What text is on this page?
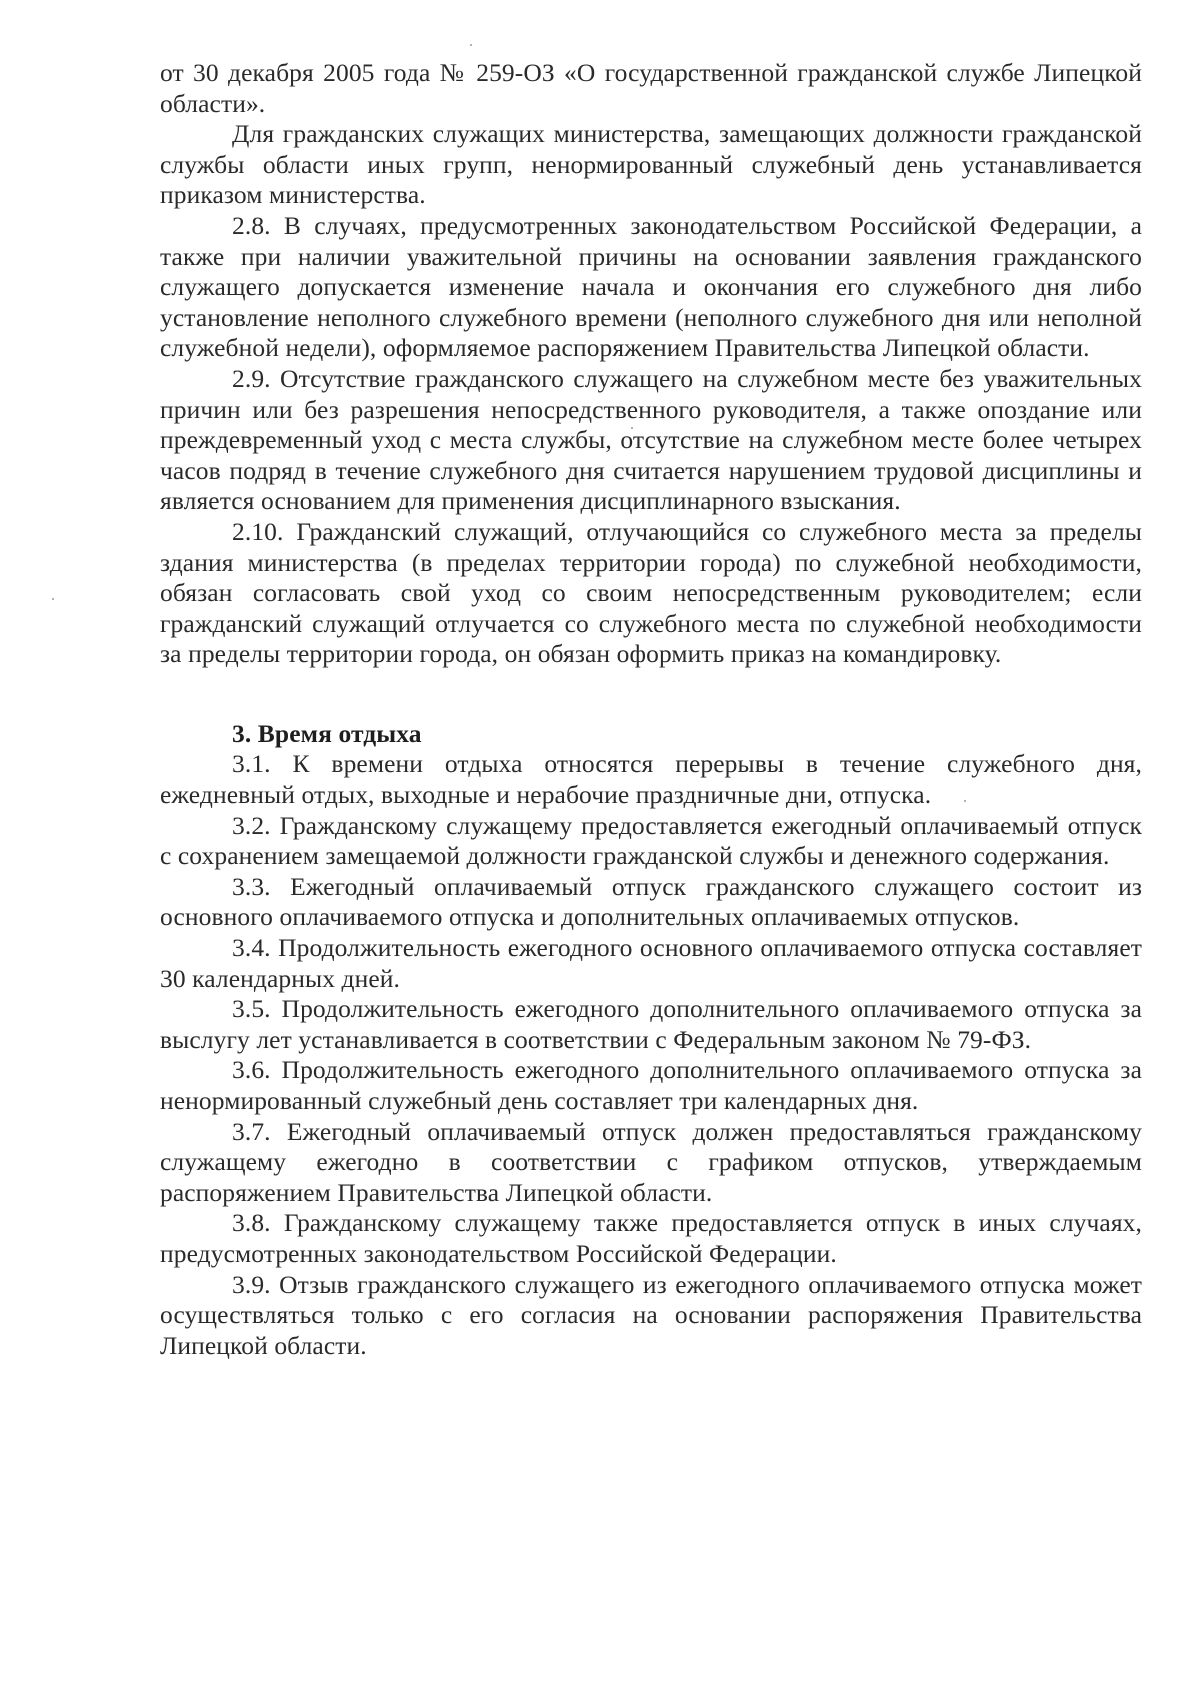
от 30 декабря 2005 года № 259-ОЗ «О государственной гражданской службе Липецкой области».

Для гражданских служащих министерства, замещающих должности гражданской службы области иных групп, ненормированный служебный день устанавливается приказом министерства.

2.8. В случаях, предусмотренных законодательством Российской Федерации, а также при наличии уважительной причины на основании заявления гражданского служащего допускается изменение начала и окончания его служебного дня либо установление неполного служебного времени (неполного служебного дня или неполной служебной недели), оформляемое распоряжением Правительства Липецкой области.

2.9. Отсутствие гражданского служащего на служебном месте без уважительных причин или без разрешения непосредственного руководителя, а также опоздание или преждевременный уход с места службы, отсутствие на служебном месте более четырех часов подряд в течение служебного дня считается нарушением трудовой дисциплины и является основанием для применения дисциплинарного взыскания.

2.10. Гражданский служащий, отлучающийся со служебного места за пределы здания министерства (в пределах территории города) по служебной необходимости, обязан согласовать свой уход со своим непосредственным руководителем; если гражданский служащий отлучается со служебного места по служебной необходимости за пределы территории города, он обязан оформить приказ на командировку.

3. Время отдыха

3.1. К времени отдыха относятся перерывы в течение служебного дня, ежедневный отдых, выходные и нерабочие праздничные дни, отпуска.

3.2. Гражданскому служащему предоставляется ежегодный оплачиваемый отпуск с сохранением замещаемой должности гражданской службы и денежного содержания.

3.3. Ежегодный оплачиваемый отпуск гражданского служащего состоит из основного оплачиваемого отпуска и дополнительных оплачиваемых отпусков.

3.4. Продолжительность ежегодного основного оплачиваемого отпуска составляет 30 календарных дней.

3.5. Продолжительность ежегодного дополнительного оплачиваемого отпуска за выслугу лет устанавливается в соответствии с Федеральным законом № 79-ФЗ.

3.6. Продолжительность ежегодного дополнительного оплачиваемого отпуска за ненормированный служебный день составляет три календарных дня.

3.7. Ежегодный оплачиваемый отпуск должен предоставляться гражданскому служащему ежегодно в соответствии с графиком отпусков, утверждаемым распоряжением Правительства Липецкой области.

3.8. Гражданскому служащему также предоставляется отпуск в иных случаях, предусмотренных законодательством Российской Федерации.

3.9. Отзыв гражданского служащего из ежегодного оплачиваемого отпуска может осуществляться только с его согласия на основании распоряжения Правительства Липецкой области.
